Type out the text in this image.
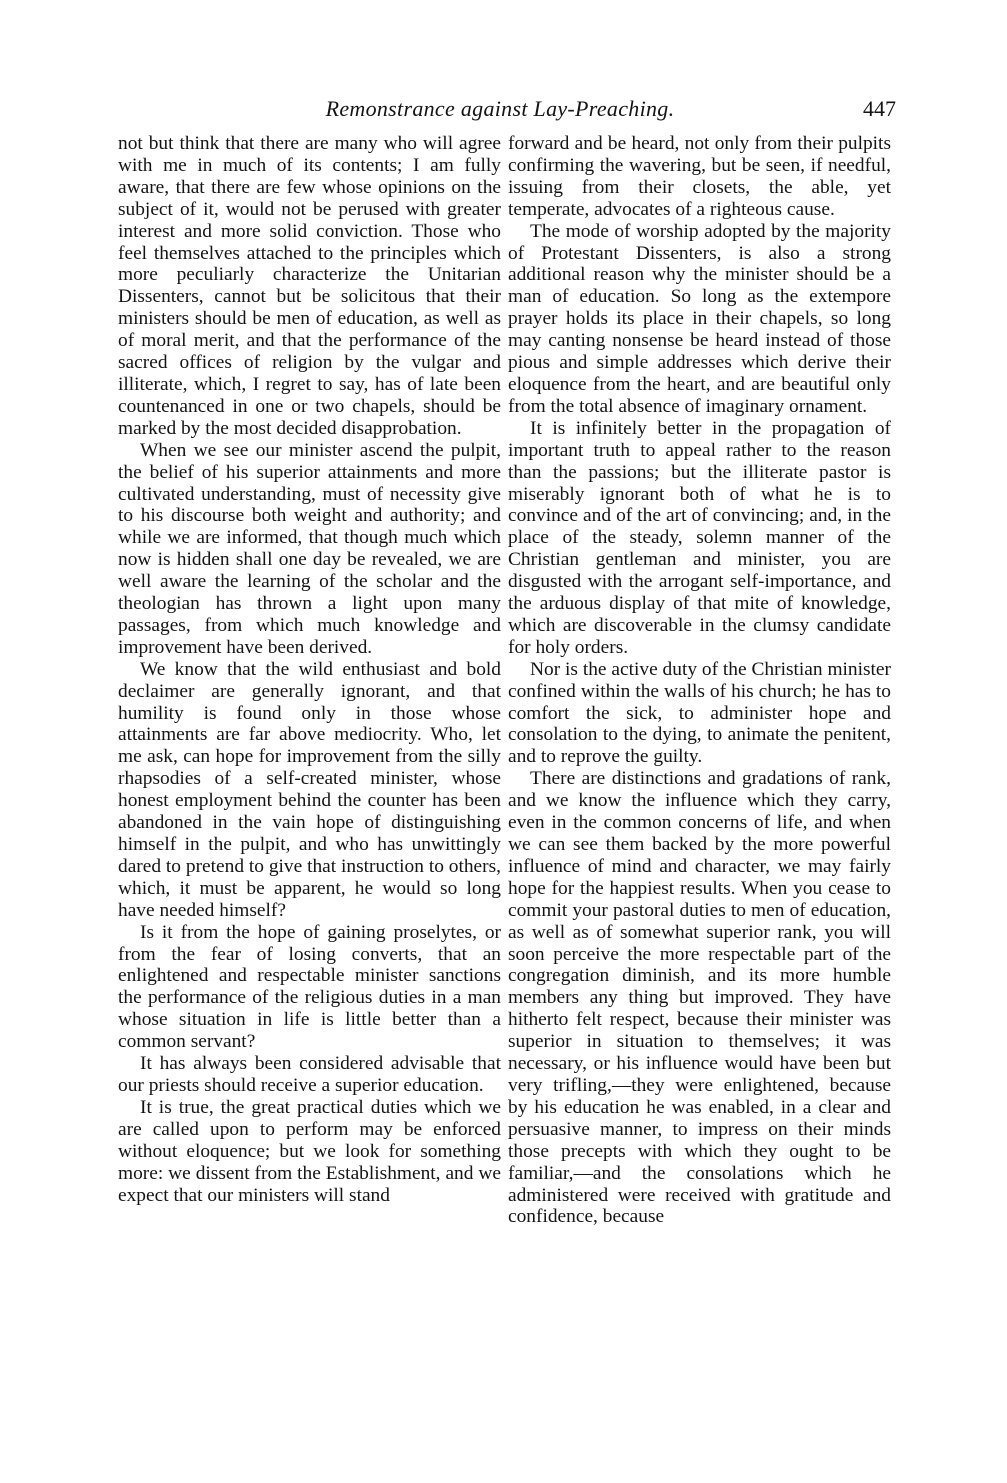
Remonstrance against Lay-Preaching.	447

not but think that there are many who will agree with me in much of its contents; I am fully aware, that there are few whose opinions on the subject of it, would not be perused with greater interest and more solid conviction. Those who feel themselves attached to the principles which more peculiarly characterize the Unitarian Dissenters, cannot but be solicitous that their ministers should be men of education, as well as of moral merit, and that the performance of the sacred offices of religion by the vulgar and illiterate, which, I regret to say, has of late been countenanced in one or two chapels, should be marked by the most decided disapprobation.

When we see our minister ascend the pulpit, the belief of his superior attainments and more cultivated understanding, must of necessity give to his discourse both weight and authority; and while we are informed, that though much which now is hidden shall one day be revealed, we are well aware the learning of the scholar and the theologian has thrown a light upon many passages, from which much knowledge and improvement have been derived.

We know that the wild enthusiast and bold declaimer are generally ignorant, and that humility is found only in those whose attainments are far above mediocrity. Who, let me ask, can hope for improvement from the silly rhapsodies of a self-created minister, whose honest employment behind the counter has been abandoned in the vain hope of distinguishing himself in the pulpit, and who has unwittingly dared to pretend to give that instruction to others, which, it must be apparent, he would so long have needed himself?

Is it from the hope of gaining proselytes, or from the fear of losing converts, that an enlightened and respectable minister sanctions the performance of the religious duties in a man whose situation in life is little better than a common servant?

It has always been considered advisable that our priests should receive a superior education.

It is true, the great practical duties which we are called upon to perform may be enforced without eloquence; but we look for something more: we dissent from the Establishment, and we expect that our ministers will stand

forward and be heard, not only from their pulpits confirming the wavering, but be seen, if needful, issuing from their closets, the able, yet temperate, advocates of a righteous cause.

The mode of worship adopted by the majority of Protestant Dissenters, is also a strong additional reason why the minister should be a man of education. So long as the extempore prayer holds its place in their chapels, so long may canting nonsense be heard instead of those pious and simple addresses which derive their eloquence from the heart, and are beautiful only from the total absence of imaginary ornament.

It is infinitely better in the propagation of important truth to appeal rather to the reason than the passions; but the illiterate pastor is miserably ignorant both of what he is to convince and of the art of convincing; and, in the place of the steady, solemn manner of the Christian gentleman and minister, you are disgusted with the arrogant self-importance, and the arduous display of that mite of knowledge, which are discoverable in the clumsy candidate for holy orders.

Nor is the active duty of the Christian minister confined within the walls of his church; he has to comfort the sick, to administer hope and consolation to the dying, to animate the penitent, and to reprove the guilty.

There are distinctions and gradations of rank, and we know the influence which they carry, even in the common concerns of life, and when we can see them backed by the more powerful influence of mind and character, we may fairly hope for the happiest results. When you cease to commit your pastoral duties to men of education, as well as of somewhat superior rank, you will soon perceive the more respectable part of the congregation diminish, and its more humble members any thing but improved. They have hitherto felt respect, because their minister was superior in situation to themselves; it was necessary, or his influence would have been but very trifling,—they were enlightened, because by his education he was enabled, in a clear and persuasive manner, to impress on their minds those precepts with which they ought to be familiar,—and the consolations which he administered were received with gratitude and confidence, because
